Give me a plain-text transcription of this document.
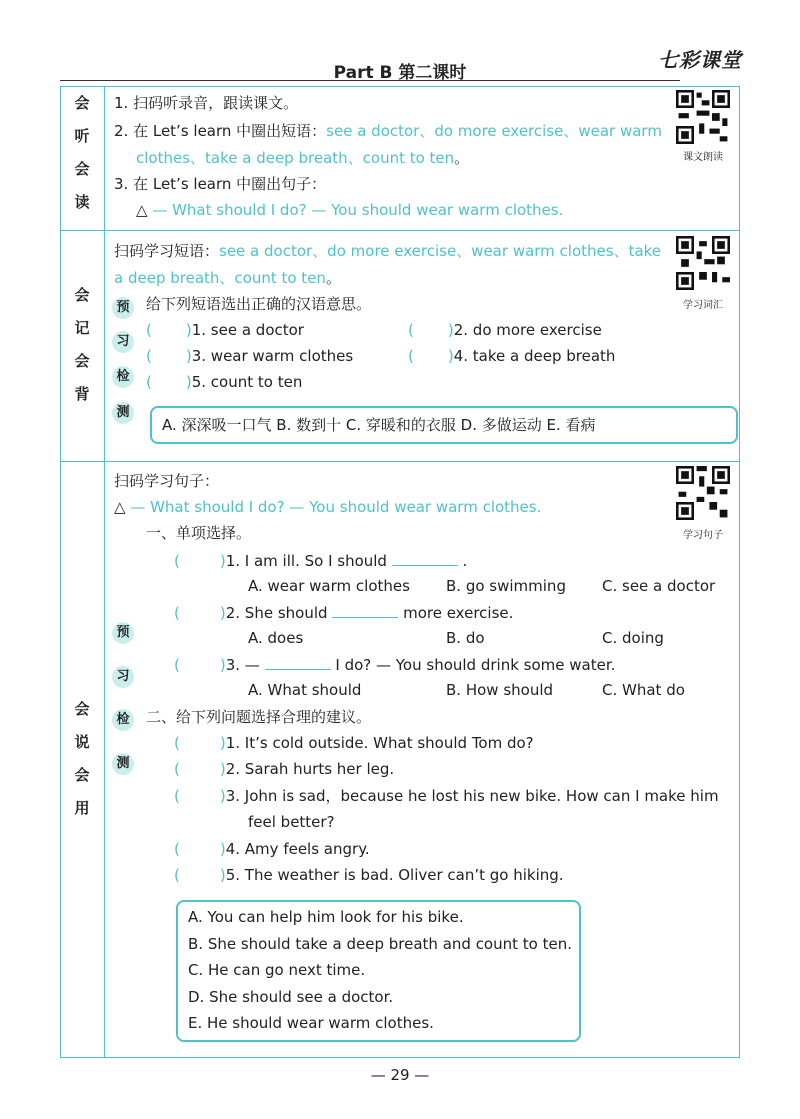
Part B 第二课时
七彩课堂
会
听
会
读
1. 扫码听录音，跟读课文。
2. 在 Let’s learn 中圈出短语：see a doctor、do more exercise、wear warm
clothes、take a deep breath、count to ten。
3. 在 Let’s learn 中圈出句子：
△ — What should I do? — You should wear warm clothes.
课文朗读
会
记
会
背
扫码学习短语：see a doctor、do more exercise、wear warm clothes、take
a deep breath、count to ten。
学习词汇
预
习
检
测
给下列短语选出正确的汉语意思。
( )1. see a doctor	( )2. do more exercise
( )3. wear warm clothes	( )4. take a deep breath
( )5. count to ten
A. 深深吸一口气 B. 数到十 C. 穿暖和的衣服 D. 多做运动 E. 看病
会
说
会
用
扫码学习句子：
△ — What should I do? — You should wear warm clothes.
学习句子
预
习
检
测
一、单项选择。
(	)1. I am ill. So I should	.
A. wear warm clothes B. go swimming C. see a doctor
(	)2. She should	more exercise.
A. does	B. do	C. doing
(	)3. —	I do? — You should drink some water.
A. What should	B. How should	C. What do
二、给下列问题选择合理的建议。
(	)1. It’s cold outside. What should Tom do?
(	)2. Sarah hurts her leg.
(	)3. John is sad，because he lost his new bike. How can I make him
feel better?
(	)4. Amy feels angry.
(	)5. The weather is bad. Oliver can’t go hiking.
A. You can help him look for his bike.
B. She should take a deep breath and count to ten.
C. He can go next time.
D. She should see a doctor.
E. He should wear warm clothes.
— 29 —
